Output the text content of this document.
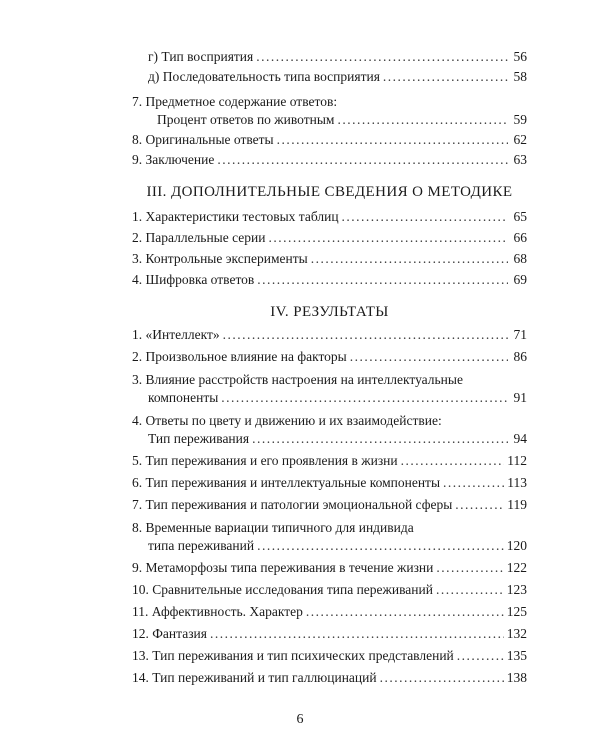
г) Тип восприятия .....	56
д) Последовательность типа восприятия .....	58
7. Предметное содержание ответов:
Процент ответов по животным .....	59
8. Оригинальные ответы .....	62
9. Заключение .....	63
III. ДОПОЛНИТЕЛЬНЫЕ СВЕДЕНИЯ О МЕТОДИКЕ
1. Характеристики тестовых таблиц .....	65
2. Параллельные серии .....	66
3. Контрольные эксперименты .....	68
4. Шифровка ответов .....	69
IV. РЕЗУЛЬТАТЫ
1. «Интеллект» .....	71
2. Произвольное влияние на факторы .....	86
3. Влияние расстройств настроения на интеллектуальные
компоненты .....	91
4. Ответы по цвету и движению и их взаимодействие:
Тип переживания .....	94
5. Тип переживания и его проявления в жизни .....	112
6. Тип переживания и интеллектуальные компоненты .....	113
7. Тип переживания и патологии эмоциональной сферы .....	119
8. Временные вариации типичного для индивида
типа переживаний .....	120
9. Метаморфозы типа переживания в течение жизни .....	122
10. Сравнительные исследования типа переживаний .....	123
11. Аффективность. Характер .....	125
12. Фантазия .....	132
13. Тип переживания и тип психических представлений .....	135
14. Тип переживаний и тип галлюцинаций .....	138
6
